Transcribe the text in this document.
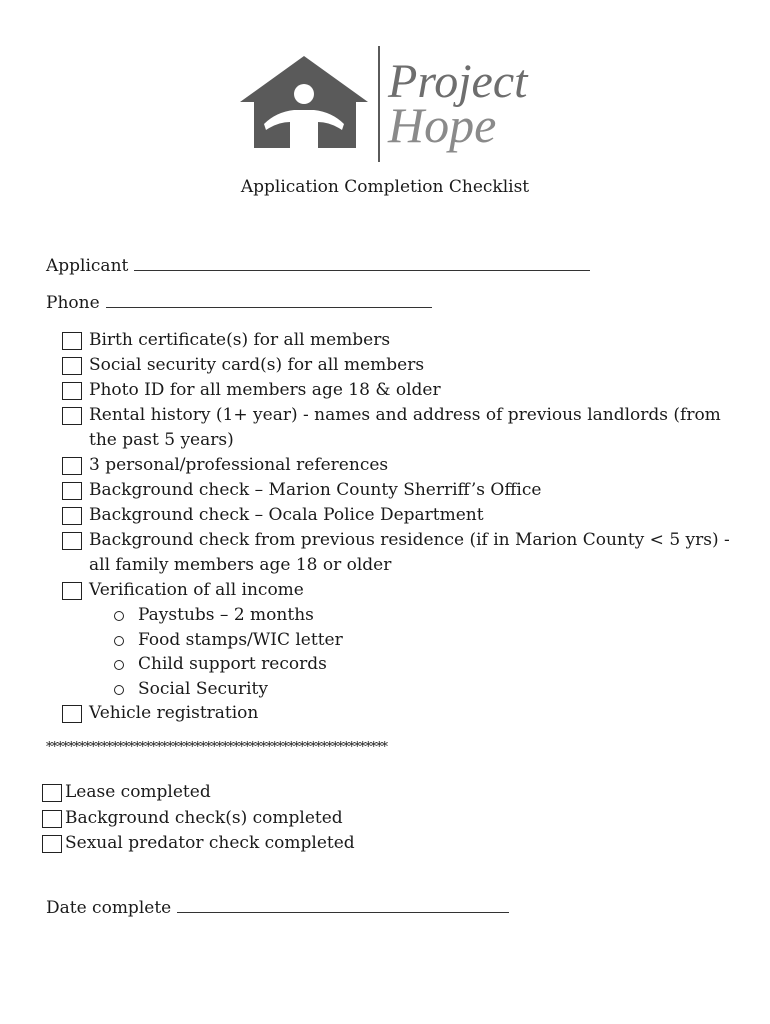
Project
Hope
Application Completion Checklist
Applicant
Phone
Birth certificate(s) for all members
Social security card(s) for all members
Photo ID for all members age 18 & older
Rental history (1+ year) - names and address of previous landlords (from the past 5 years)
3 personal/professional references
Background check – Marion County Sherriff’s Office
Background check – Ocala Police Department
Background check from previous residence (if in Marion County < 5 yrs) - all family members age 18 or older
Verification of all income
Paystubs – 2 months
Food stamps/WIC letter
Child support records
Social Security
Vehicle registration
**************************************************************
Lease completed
Background check(s) completed
Sexual predator check completed
Date complete
